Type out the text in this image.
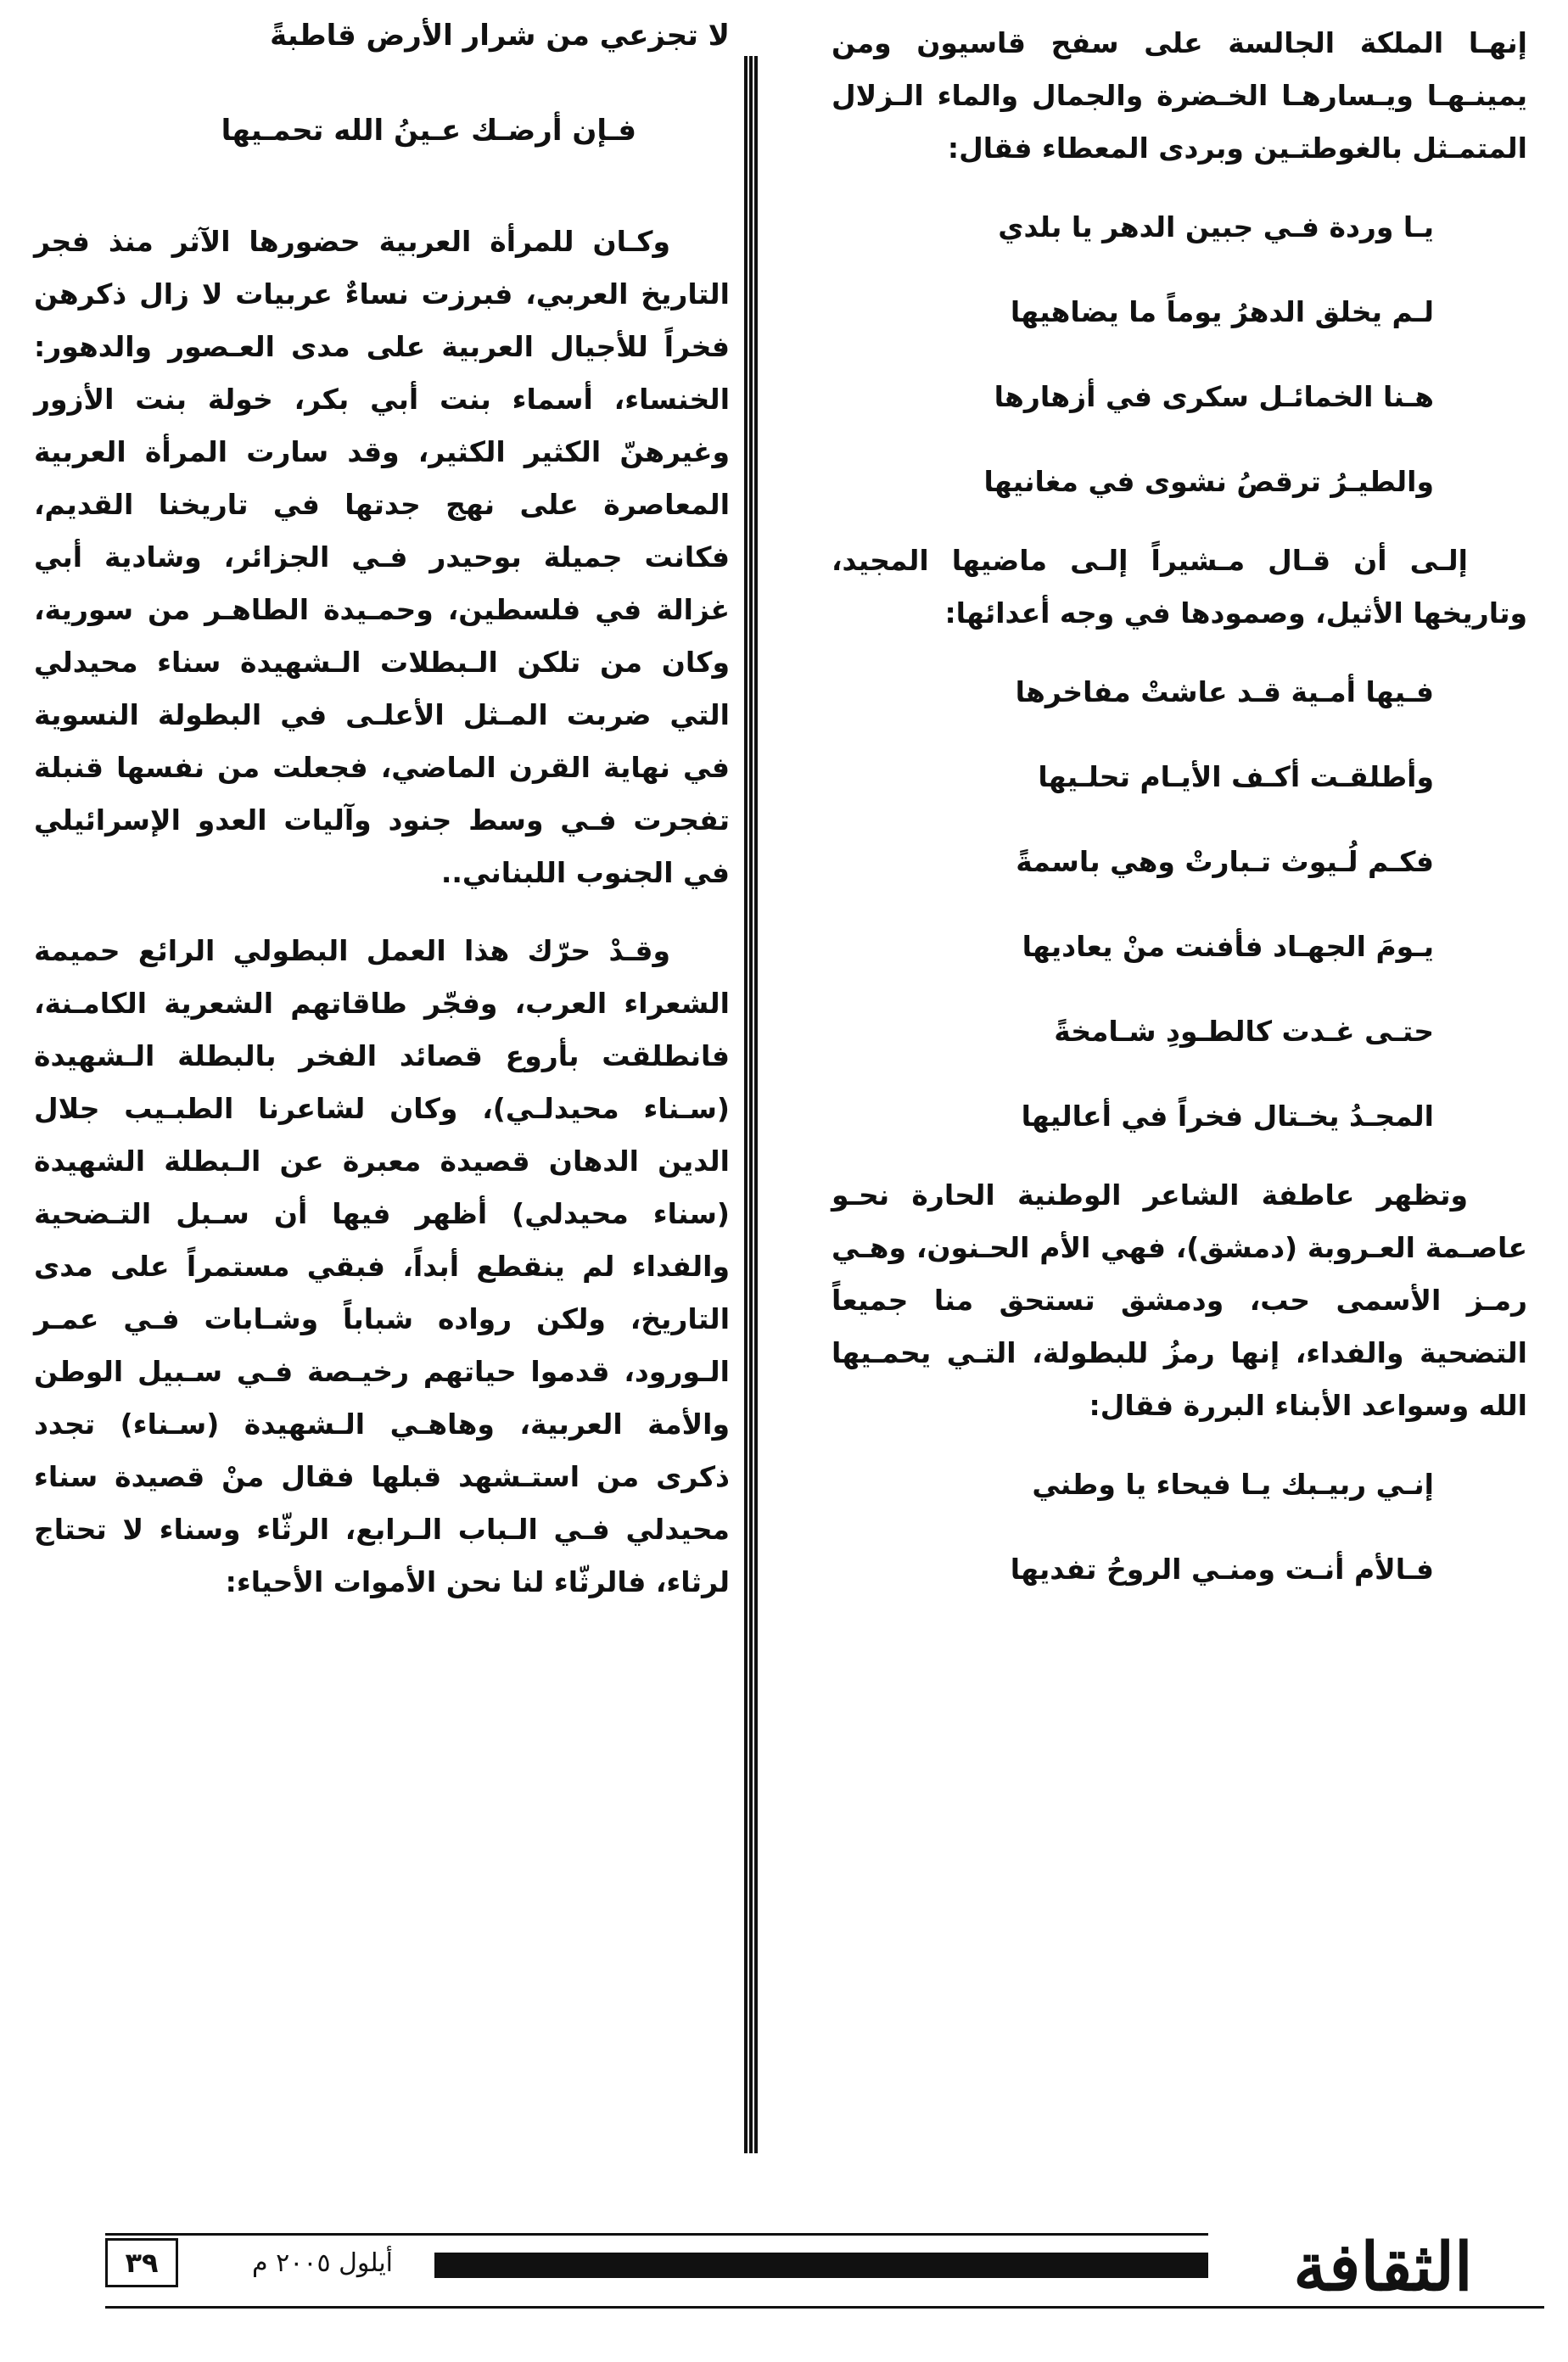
إنهـا الملكة الجالسة على سفح قاسيون ومن يمينـهـا ويـسارهـا الخـضرة والجمال والماء الـزلال المتمـثل بالغوطتـين وبردى المعطاء فقال:

يـا وردة فـي جبين الدهر يا بلدي

لـم يخلق الدهرُ يوماً ما يضاهيها

هـنا الخمائـل سكرى في أزهارها

والطيـرُ ترقصُ نشوى في مغانيها

إلـى أن قـال مـشيراً إلـى ماضيها المجيد، وتاريخها الأثيل، وصمودها في وجه أعدائها:

فـيها أمـية قـد عاشتْ مفاخرها

وأطلقـت أكـف الأيـام تحلـيها

فكـم لُـيوث تـبارتْ وهي باسمةً

يـومَ الجهـاد فأفنت منْ يعاديها

حتـى غـدت كالطـودِ شـامخةً

المجـدُ يخـتال فخراً في أعاليها

وتظهر عاطفة الشاعر الوطنية الحارة نحـو عاصـمة العـروبة (دمشق)، فهي الأم الحـنون، وهـي رمـز الأسمى حب، ودمشق تستحق منا جميعاً التضحية والفداء، إنها رمزُ للبطولة، التـي يحمـيها الله وسواعد الأبناء البررة فقال:

إنـي ربيـبك يـا فيحاء يا وطني

فـالأم أنـت ومنـي الروحُ تفديها

لا تجزعي من شرار الأرض قاطبةً

فـإن أرضـك عـينُ الله تحمـيها

وكـان للمرأة العربية حضورها الآثر منذ فجر التاريخ العربي، فبرزت نساءٌ عربيات لا زال ذكرهن فخراً للأجيال العربية على مدى العـصور والدهور: الخنساء، أسماء بنت أبي بكر، خولة بنت الأزور وغيرهنّ الكثير الكثير، وقد سارت المرأة العربية المعاصرة على نهج جدتها في تاريخنا القديم، فكانت جميلة بوحيدر فـي الجزائر، وشادية أبي غزالة في فلسطين، وحمـيدة الطاهـر من سورية، وكان من تلكن الـبطلات الـشهيدة سناء محيدلي التي ضربت المـثل الأعلـى في البطولة النسوية في نهاية القرن الماضي، فجعلت من نفسها قنبلة تفجرت فـي وسط جنود وآليات العدو الإسرائيلي في الجنوب اللبناني..

وقـدْ حرّك هذا العمل البطولي الرائع حميمة الشعراء العرب، وفجّر طاقاتهم الشعرية الكامـنة، فانطلقت بأروع قصائد الفخر بالبطلة الـشهيدة (سـناء محيدلـي)، وكان لشاعرنا الطبـيب جلال الدين الدهان قصيدة معبرة عن الـبطلة الشهيدة (سناء محيدلي) أظهر فيها أن سـبل التـضحية والفداء لم ينقطع أبداً، فبقي مستمراً على مدى التاريخ، ولكن رواده شباباً وشـابات فـي عمـر الـورود، قدموا حياتهم رخيـصة فـي سـبيل الوطن والأمة العربية، وهاهـي الـشهيدة (سـناء) تجدد ذكرى من استـشهد قبلها فقال منْ قصيدة سناء محيدلي فـي الـباب الـرابع، الرثّاء وسناء لا تحتاج لرثاء، فالرثّاء لنا نحن الأموات الأحياء:

الثقافة
أيلول ٢٠٠٥ م
٣٩
